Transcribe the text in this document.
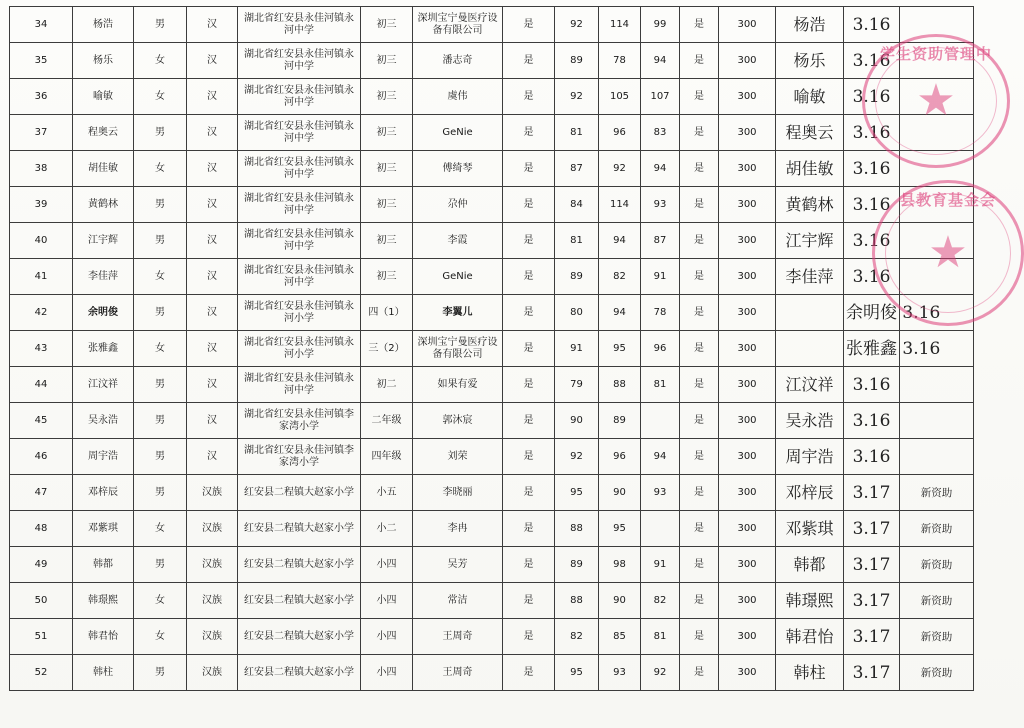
34	杨浩	男	汉	湖北省红安县永佳河镇永河中学	初三	深圳宝宁曼医疗设备有限公司	是	92	114	99	是	300	杨浩	3.16	
35	杨乐	女	汉	湖北省红安县永佳河镇永河中学	初三	潘志奇	是	89	78	94	是	300	杨乐	3.16	
36	喻敏	女	汉	湖北省红安县永佳河镇永河中学	初三	虞伟	是	92	105	107	是	300	喻敏	3.16	
37	程奥云	男	汉	湖北省红安县永佳河镇永河中学	初三	GeNie	是	81	96	83	是	300	程奥云	3.16	
38	胡佳敏	女	汉	湖北省红安县永佳河镇永河中学	初三	傅绮琴	是	87	92	94	是	300	胡佳敏	3.16	
39	黄鹤林	男	汉	湖北省红安县永佳河镇永河中学	初三	尕仲	是	84	114	93	是	300	黄鹤林	3.16	
40	江宇辉	男	汉	湖北省红安县永佳河镇永河中学	初三	李霞	是	81	94	87	是	300	江宇辉	3.16	
41	李佳萍	女	汉	湖北省红安县永佳河镇永河中学	初三	GeNie	是	89	82	91	是	300	李佳萍	3.16	
42	余明俊	男	汉	湖北省红安县永佳河镇永河小学	四（1）	李翼儿	是	80	94	78	是	300		余明俊 3.16	
43	张雅鑫	女	汉	湖北省红安县永佳河镇永河小学	三（2）	深圳宝宁曼医疗设备有限公司	是	91	95	96	是	300		张雅鑫 3.16	
44	江汶祥	男	汉	湖北省红安县永佳河镇永河中学	初二	如果有爱	是	79	88	81	是	300	江汶祥	3.16	
45	吴永浩	男	汉	湖北省红安县永佳河镇李家湾小学	二年级	郭沐宸	是	90	89		是	300	吴永浩	3.16	
46	周宇浩	男	汉	湖北省红安县永佳河镇李家湾小学	四年级	刘荣	是	92	96	94	是	300	周宇浩	3.16	
47	邓梓辰	男	汉族	红安县二程镇大赵家小学	小五	李晓丽	是	95	90	93	是	300	邓梓辰	3.17	新资助
48	邓紫琪	女	汉族	红安县二程镇大赵家小学	小二	李冉	是	88	95		是	300	邓紫琪	3.17	新资助
49	韩都	男	汉族	红安县二程镇大赵家小学	小四	吴芳	是	89	98	91	是	300	韩都	3.17	新资助
50	韩璟熙	女	汉族	红安县二程镇大赵家小学	小四	常洁	是	88	90	82	是	300	韩璟熙	3.17	新资助
51	韩君怡	女	汉族	红安县二程镇大赵家小学	小四	王周奇	是	82	85	81	是	300	韩君怡	3.17	新资助
52	韩柱	男	汉族	红安县二程镇大赵家小学	小四	王周奇	是	95	93	92	是	300	韩柱	3.17	新资助
学生资助管理中
★
县教育基金会
★
